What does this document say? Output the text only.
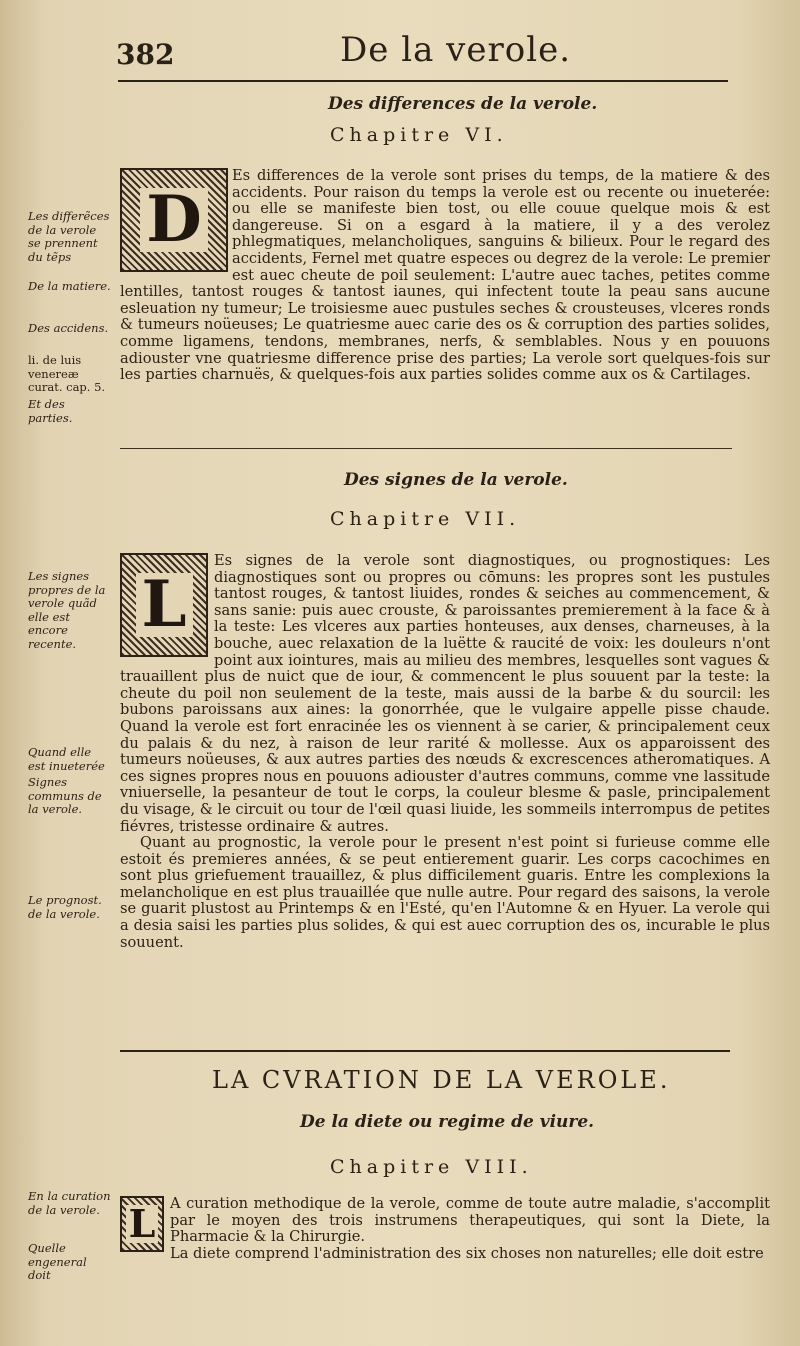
382	De la verole.
Des differences de la verole.
Chapitre VI.
D

Es differences de la verole sont prises du temps, de la matiere & des accidents. Pour raison du temps la verole est ou recente ou inueterée: ou elle se manifeste bien tost, ou elle couue quelque mois & est dangereuse. Si on a esgard à la matiere, il y a des verolez phlegmatiques, melancholiques, sanguins & bilieux. Pour le regard des accidents, Fernel met quatre especes ou degrez de la verole: Le premier est auec cheute de poil seulement: L'autre auec taches, petites comme lentilles, tantost rouges & tantost iaunes, qui infectent toute la peau sans aucune esleuation ny tumeur; Le troisiesme auec pustules seches & crousteuses, vlceres ronds & tumeurs noüeuses; Le quatriesme auec carie des os & corruption des parties solides, comme ligamens, tendons, membranes, nerfs, & semblables. Nous y en pouuons adiouster vne quatriesme difference prise des parties; La verole sort quelques-fois sur les parties charnuës, & quelques-fois aux parties solides comme aux os & Cartilages.

Les differẽces de la verole se prennent du tẽps
De la matiere.
Des accidens.
li. de luis venereæ curat. cap. 5.
Et des parties.
Des signes de la verole.
Chapitre VII.
L

Es signes de la verole sont diagnostiques, ou prognostiques: Les diagnostiques sont ou propres ou cōmuns: les propres sont les pustules tantost rouges, & tantost liuides, rondes & seiches au commencement, & sans sanie: puis auec crouste, & paroissantes premierement à la face & à la teste: Les vlceres aux parties honteuses, aux denses, charneuses, à la bouche, auec relaxation de la luëtte & raucité de voix: les douleurs n'ont point aux iointures, mais au milieu des membres, lesquelles sont vagues & trauaillent plus de nuict que de iour, & commencent le plus souuent par la teste: la cheute du poil non seulement de la teste, mais aussi de la barbe & du sourcil: les bubons paroissans aux aines: la gonorrhée, que le vulgaire appelle pisse chaude. Quand la verole est fort enracinée les os viennent à se carier, & principalement ceux du palais & du nez, à raison de leur rarité & mollesse. Aux os apparoissent des tumeurs noüeuses, & aux autres parties des nœuds & excrescences atheromatiques. A ces signes propres nous en pouuons adiouster d'autres communs, comme vne lassitude vniuerselle, la pesanteur de tout le corps, la couleur blesme & pasle, principalement du visage, & le circuit ou tour de l'œil quasi liuide, les sommeils interrompus de petites fiévres, tristesse ordinaire & autres.

Quant au prognostic, la verole pour le present n'est point si furieuse comme elle estoit és premieres années, & se peut entierement guarir. Les corps cacochimes en sont plus griefuement trauaillez, & plus difficilement guaris. Entre les complexions la melancholique en est plus trauaillée que nulle autre. Pour regard des saisons, la verole se guarit plustost au Printemps & en l'Esté, qu'en l'Automne & en Hyuer. La verole qui a desia saisi les parties plus solides, & qui est auec corruption des os, incurable le plus souuent.

Les signes propres de la verole quãd elle est encore recente.
Quand elle est inueterée
Signes communs de la verole.
Le prognost. de la verole.
LA CVRATION DE LA VEROLE.
De la diete ou regime de viure.
Chapitre VIII.
L	A curation methodique de la verole, comme de toute autre maladie, s'accomplit par le moyen des trois instrumens therapeutiques, qui sont la Diete, la Pharmacie & la Chirurgie.

La diete comprend l'administration des six choses non naturelles; elle doit estre

En la curation de la verole.
Quelle engeneral doit
